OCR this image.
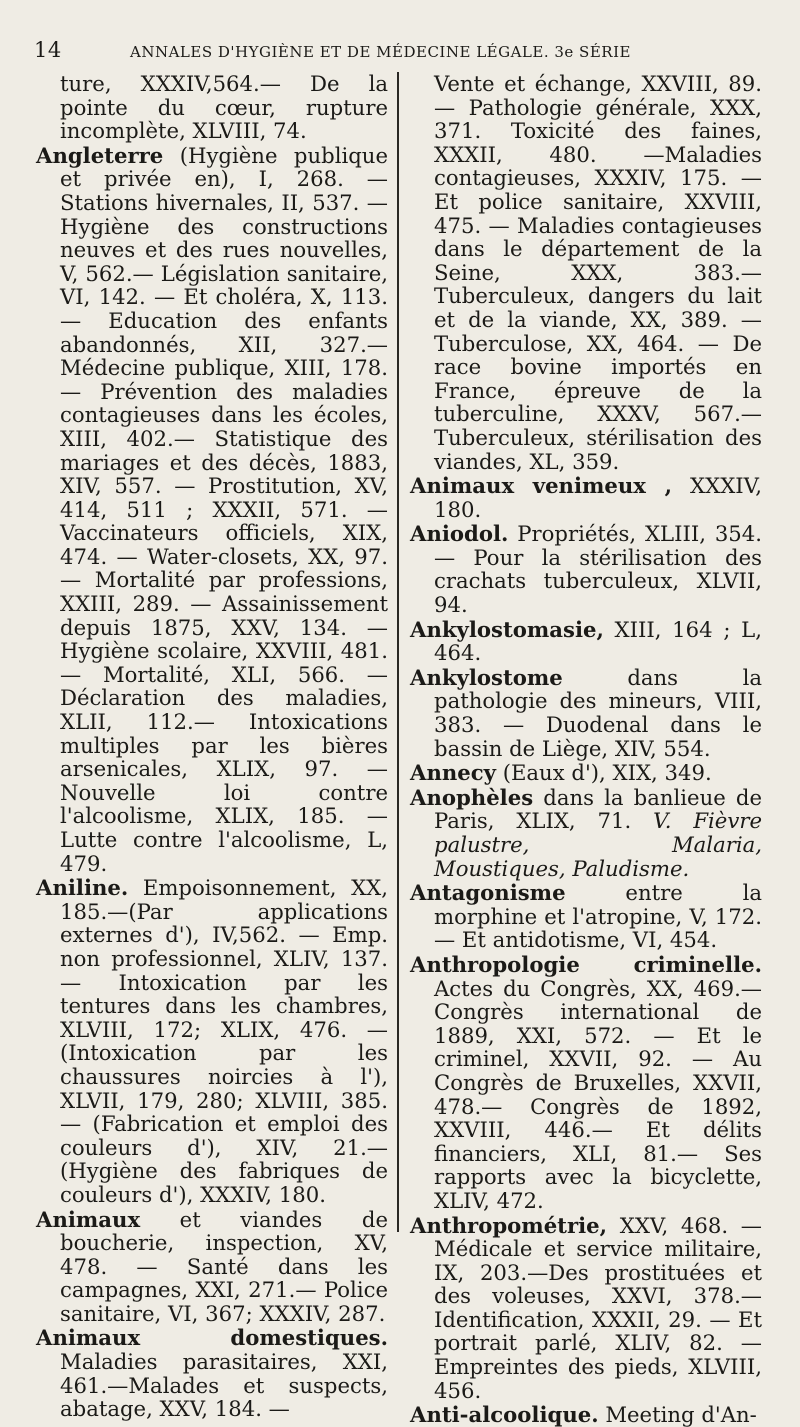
14	ANNALES D'HYGIÈNE ET DE MÉDECINE LÉGALE. 3e SÉRIE

ture, XXXIV,564.— De la pointe du cœur, rupture incomplète, XLVIII, 74.

Angleterre (Hygiène publique et privée en), I, 268. — Stations hivernales, II, 537. — Hygiène des constructions neuves et des rues nouvelles, V, 562.— Législation sanitaire, VI, 142. — Et choléra, X, 113. — Education des enfants abandonnés, XII, 327.— Médecine publique, XIII, 178.— Prévention des maladies contagieuses dans les écoles, XIII, 402.— Statistique des mariages et des décès, 1883, XIV, 557. — Prostitution, XV, 414, 511 ; XXXII, 571. — Vaccinateurs officiels, XIX, 474. — Water-closets, XX, 97.— Mortalité par professions, XXIII, 289. — Assainissement depuis 1875, XXV, 134. — Hygiène scolaire, XXVIII, 481. — Mortalité, XLI, 566. — Déclaration des maladies, XLII, 112.— Intoxications multiples par les bières arsenicales, XLIX, 97. — Nouvelle loi contre l'alcoolisme, XLIX, 185. — Lutte contre l'alcoolisme, L, 479.

Aniline. Empoisonnement, XX, 185.—(Par applications externes d'), IV,562. — Emp. non professionnel, XLIV, 137. — Intoxication par les tentures dans les chambres, XLVIII, 172; XLIX, 476. — (Intoxication par les chaussures noircies à l'), XLVII, 179, 280; XLVIII, 385. — (Fabrication et emploi des couleurs d'), XIV, 21.—(Hygiène des fabriques de couleurs d'), XXXIV, 180.

Animaux et viandes de boucherie, inspection, XV, 478. — Santé dans les campagnes, XXI, 271.— Police sanitaire, VI, 367; XXXIV, 287.

Animaux domestiques. Maladies parasitaires, XXI, 461.—Malades et suspects, abatage, XXV, 184. —

Vente et échange, XXVIII, 89.— Pathologie générale, XXX, 371. Toxicité des faines, XXXII, 480. —Maladies contagieuses, XXXIV, 175. — Et police sanitaire, XXVIII, 475. — Maladies contagieuses dans le département de la Seine, XXX, 383.— Tuberculeux, dangers du lait et de la viande, XX, 389. — Tuberculose, XX, 464. — De race bovine importés en France, épreuve de la tuberculine, XXXV, 567.—Tuberculeux, stérilisation des viandes, XL, 359.

Animaux venimeux , XXXIV, 180.

Aniodol. Propriétés, XLIII, 354. — Pour la stérilisation des crachats tuberculeux, XLVII, 94.

Ankylostomasie, XIII, 164 ; L, 464.

Ankylostome dans la pathologie des mineurs, VIII, 383. — Duodenal dans le bassin de Liège, XIV, 554.

Annecy (Eaux d'), XIX, 349.

Anophèles dans la banlieue de Paris, XLIX, 71. V. Fièvre palustre, Malaria, Moustiques, Paludisme.

Antagonisme entre la morphine et l'atropine, V, 172. — Et antidotisme, VI, 454.

Anthropologie criminelle. Actes du Congrès, XX, 469.—Congrès international de 1889, XXI, 572. — Et le criminel, XXVII, 92. — Au Congrès de Bruxelles, XXVII, 478.— Congrès de 1892, XXVIII, 446.— Et délits financiers, XLI, 81.— Ses rapports avec la bicyclette, XLIV, 472.

Anthropométrie, XXV, 468. — Médicale et service militaire, IX, 203.—Des prostituées et des voleuses, XXVI, 378.— Identification, XXXII, 29. — Et portrait parlé, XLIV, 82. — Empreintes des pieds, XLVIII, 456.

Anti-alcoolique. Meeting d'An-
